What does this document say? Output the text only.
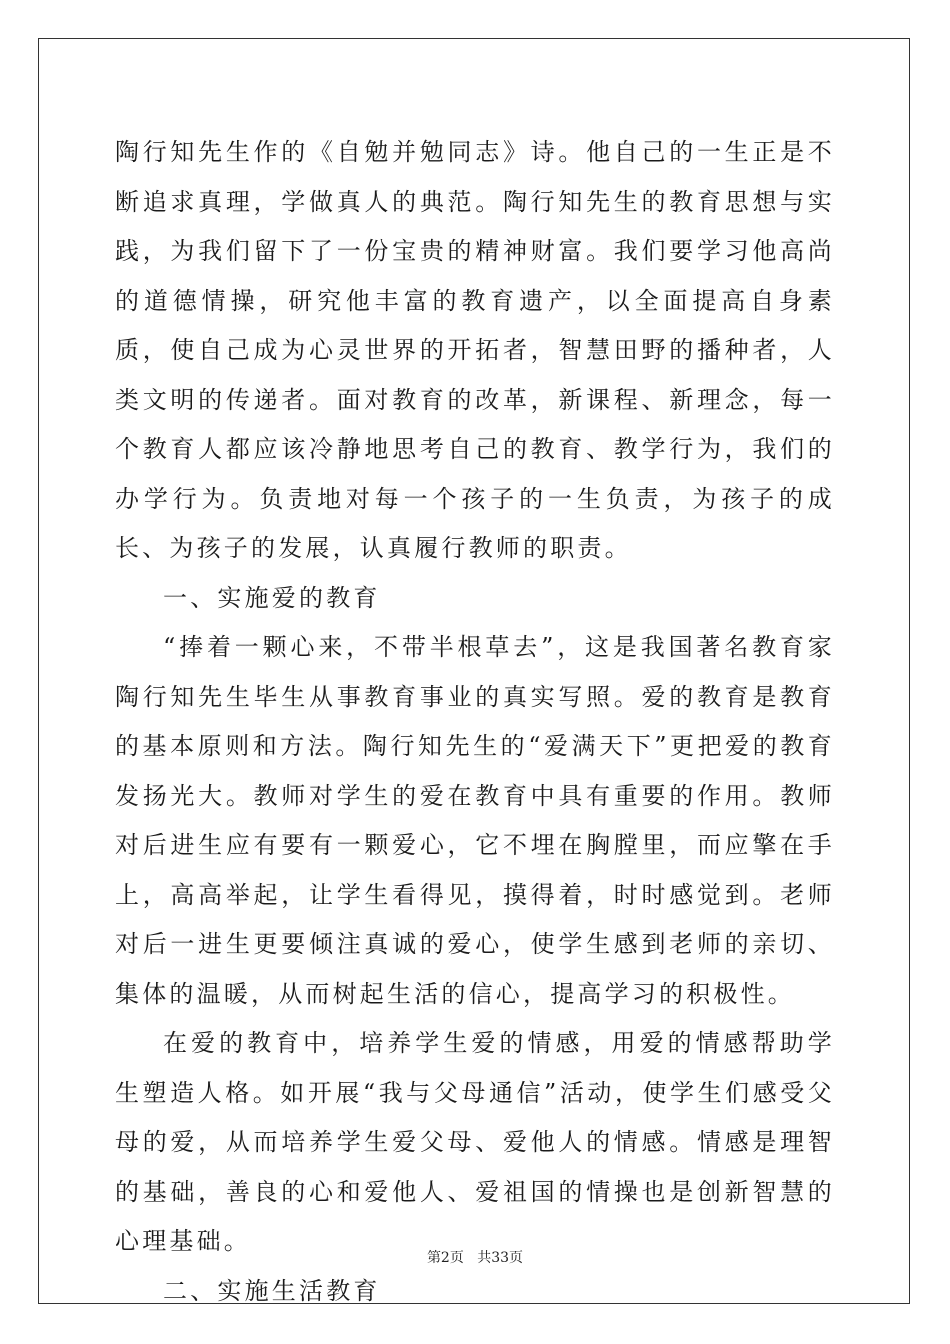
陶行知先生作的《自勉并勉同志》诗。他自己的一生正是不断追求真理，学做真人的典范。陶行知先生的教育思想与实践，为我们留下了一份宝贵的精神财富。我们要学习他高尚的道德情操，研究他丰富的教育遗产，以全面提高自身素质，使自己成为心灵世界的开拓者，智慧田野的播种者，人类文明的传递者。面对教育的改革，新课程、新理念，每一个教育人都应该冷静地思考自己的教育、教学行为，我们的办学行为。负责地对每一个孩子的一生负责，为孩子的成长、为孩子的发展，认真履行教师的职责。

一、实施爱的教育

“捧着一颗心来，不带半根草去”，这是我国著名教育家陶行知先生毕生从事教育事业的真实写照。爱的教育是教育的基本原则和方法。陶行知先生的“爱满天下”更把爱的教育发扬光大。教师对学生的爱在教育中具有重要的作用。教师对后进生应有要有一颗爱心，它不埋在胸膛里，而应擎在手上，高高举起，让学生看得见，摸得着，时时感觉到。老师对后一进生更要倾注真诚的爱心，使学生感到老师的亲切、集体的温暖，从而树起生活的信心，提高学习的积极性。

在爱的教育中，培养学生爱的情感，用爱的情感帮助学生塑造人格。如开展“我与父母通信”活动，使学生们感受父母的爱，从而培养学生爱父母、爱他人的情感。情感是理智的基础，善良的心和爱他人、爱祖国的情操也是创新智慧的心理基础。

二、实施生活教育

第2页 共33页
